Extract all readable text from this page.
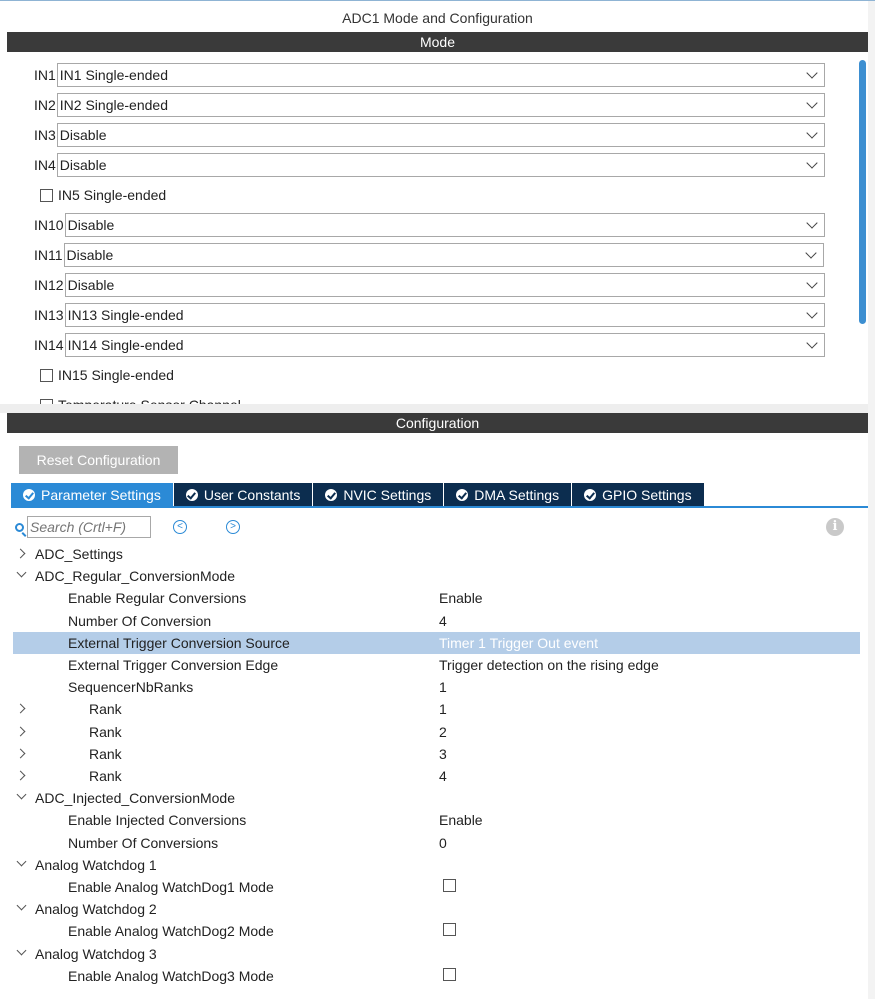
ADC1 Mode and Configuration
Mode
IN1 IN1 Single-ended
IN2 IN2 Single-ended
IN3 Disable
IN4 Disable
IN5 Single-ended
IN10 Disable
IN11 Disable
IN12 Disable
IN13 IN13 Single-ended
IN14 IN14 Single-ended
IN15 Single-ended
Configuration
Reset Configuration
Parameter Settings	User Constants	NVIC Settings	DMA Settings	GPIO Settings
Search (Crtl+F)
<	>	i
ADC_Settings
ADC_Regular_ConversionMode
Enable Regular Conversions	Enable
Number Of Conversion	4
External Trigger Conversion Source	Timer 1 Trigger Out event
External Trigger Conversion Edge	Trigger detection on the rising edge
SequencerNbRanks	1
Rank	1
Rank	2
Rank	3
Rank	4
ADC_Injected_ConversionMode
Enable Injected Conversions	Enable
Number Of Conversions	0
Analog Watchdog 1
Enable Analog WatchDog1 Mode
Analog Watchdog 2
Enable Analog WatchDog2 Mode
Analog Watchdog 3
Enable Analog WatchDog3 Mode
